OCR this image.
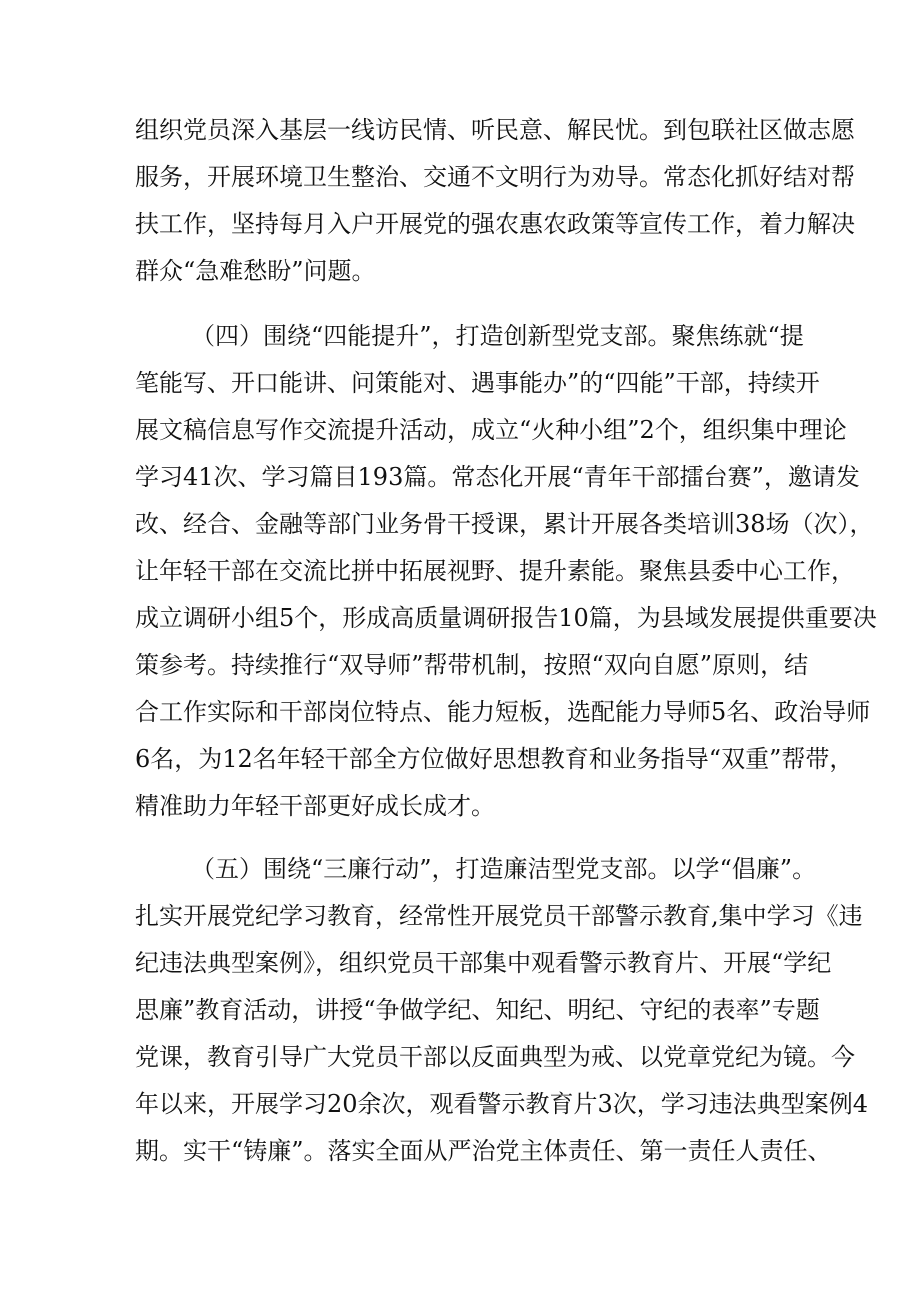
组织党员深入基层一线访民情、听民意、解民忧。到包联社区做志愿
服务，开展环境卫生整治、交通不文明行为劝导。常态化抓好结对帮
扶工作，坚持每月入户开展党的强农惠农政策等宣传工作，着力解决
群众“急难愁盼”问题。
（四）围绕“四能提升”，打造创新型党支部。聚焦练就“提
笔能写、开口能讲、问策能对、遇事能办”的“四能”干部，持续开
展文稿信息写作交流提升活动，成立“火种小组”2个，组织集中理论
学习41次、学习篇目193篇。常态化开展“青年干部擂台赛”，邀请发
改、经合、金融等部门业务骨干授课，累计开展各类培训38场（次），
让年轻干部在交流比拼中拓展视野、提升素能。聚焦县委中心工作，
成立调研小组5个，形成高质量调研报告10篇，为县域发展提供重要决
策参考。持续推行“双导师”帮带机制，按照“双向自愿”原则，结
合工作实际和干部岗位特点、能力短板，选配能力导师5名、政治导师
6名，为12名年轻干部全方位做好思想教育和业务指导“双重”帮带，
精准助力年轻干部更好成长成才。
（五）围绕“三廉行动”，打造廉洁型党支部。以学“倡廉”。
扎实开展党纪学习教育，经常性开展党员干部警示教育,集中学习《违
纪违法典型案例》，组织党员干部集中观看警示教育片、开展“学纪
思廉”教育活动，讲授“争做学纪、知纪、明纪、守纪的表率”专题
党课，教育引导广大党员干部以反面典型为戒、以党章党纪为镜。今
年以来，开展学习20余次，观看警示教育片3次，学习违法典型案例4
期。实干“铸廉”。落实全面从严治党主体责任、第一责任人责任、
